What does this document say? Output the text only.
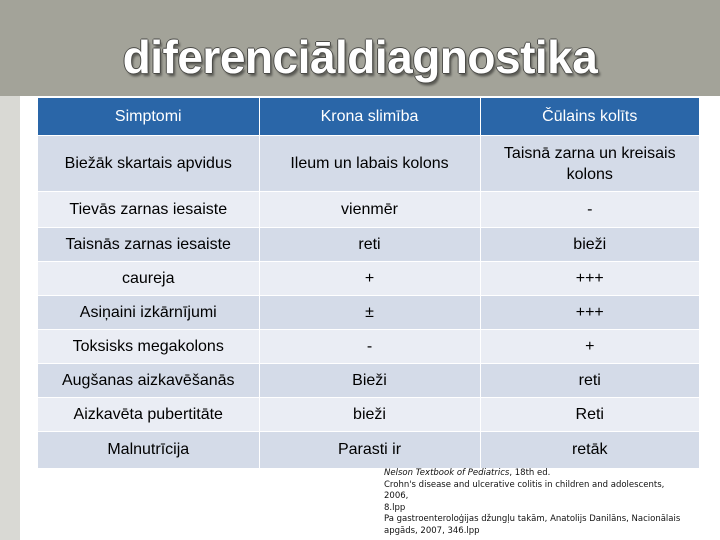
diferenciāldiagnostika
Simptomi	Krona slimība	Čūlains kolīts
Biežāk skartais apvidus	Ileum un labais kolons	Taisnā zarna un kreisais kolons
Tievās zarnas iesaiste	vienmēr	-
Taisnās zarnas iesaiste	reti	bieži
caureja	+	+++
Asiņaini izkārnījumi	±	+++
Toksisks megakolons	-	+
Augšanas aizkavēšanās	Bieži	reti
Aizkavēta pubertitāte	bieži	Reti
Malnutrīcija	Parasti ir	retāk
Nelson Textbook of Pediatrics, 18th ed.
Crohn's disease and ulcerative colitis in children and adolescents, 2006,
8.lpp
Pa gastroenteroloģijas džungļu takām, Anatolijs Danilāns, Nacionālais
apgāds, 2007, 346.lpp
